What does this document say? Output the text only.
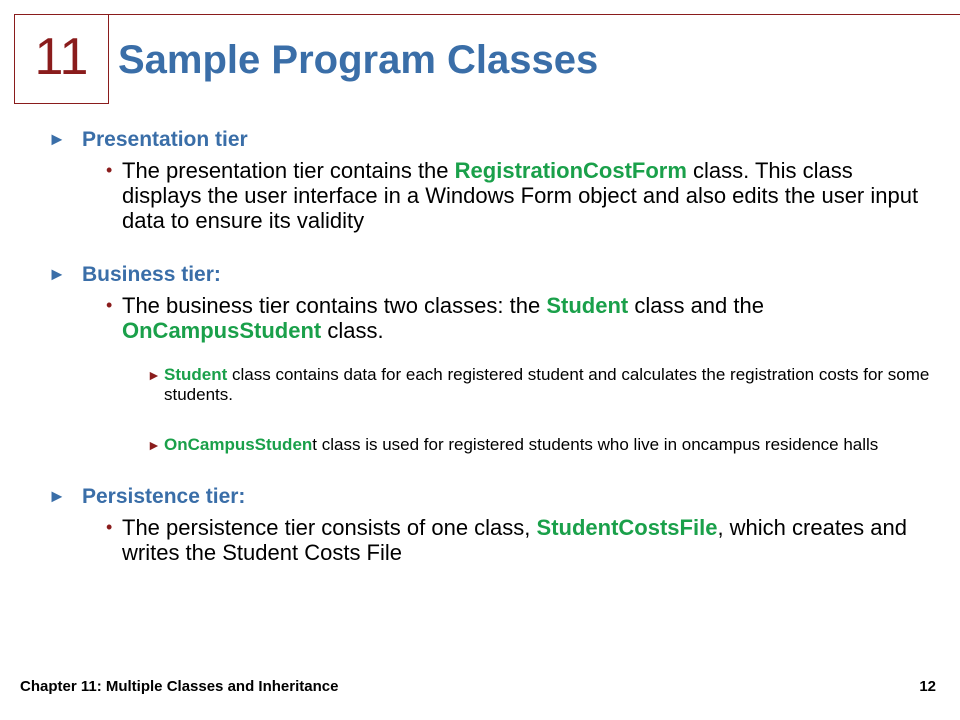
11 Sample Program Classes
► Presentation tier
• The presentation tier contains the RegistrationCostForm class. This class displays the user interface in a Windows Form object and also edits the user input data to ensure its validity
► Business tier:
• The business tier contains two classes: the Student class and the OnCampusStudent class.
► Student class contains data for each registered student and calculates the registration costs for some students.
► OnCampusStudent class is used for registered students who live in oncampus residence halls
► Persistence tier:
• The persistence tier consists of one class, StudentCostsFile, which creates and writes the Student Costs File
Chapter 11: Multiple Classes and Inheritance	12
